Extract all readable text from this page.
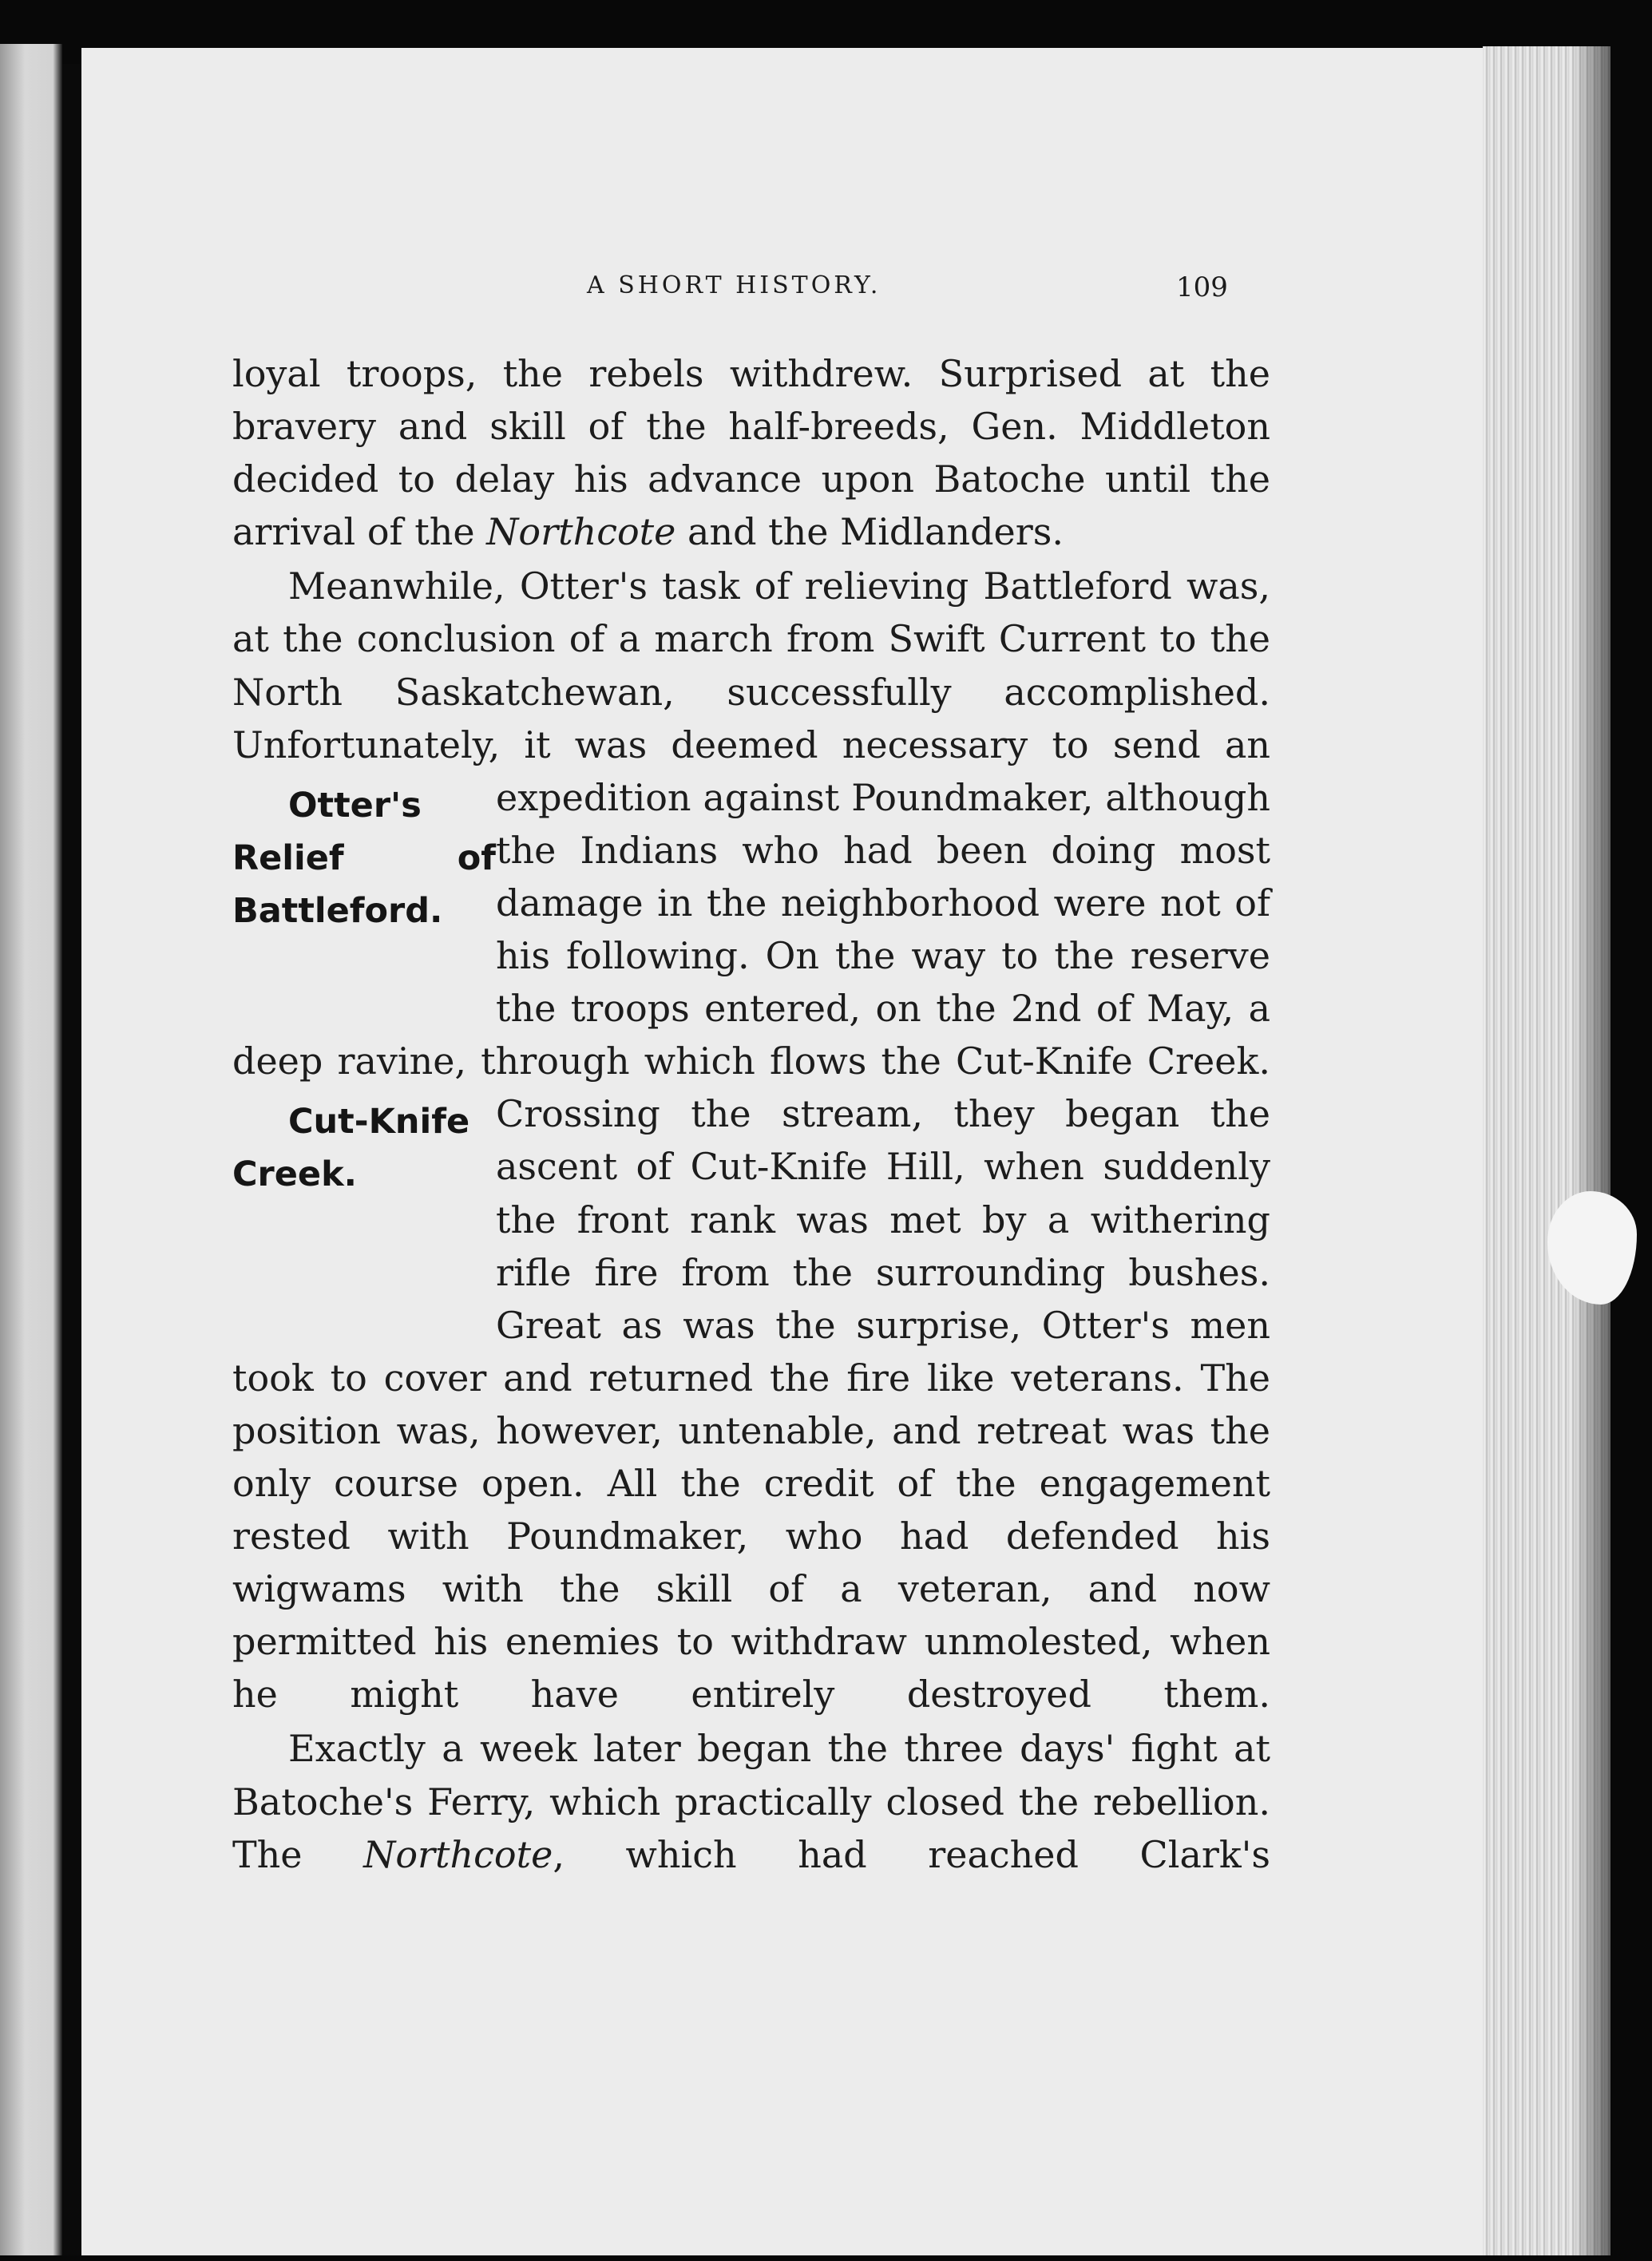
A SHORT HISTORY.	109

loyal troops, the rebels withdrew. Surprised at the bravery and skill of the half-breeds, Gen. Middleton decided to delay his advance upon Batoche until the arrival of the Northcote and the Midlanders.

Meanwhile, Otter's task of relieving Battleford was, at the conclusion of a march from Swift Current to the North Saskatchewan, successfully accomplished. Unfortunately, it was deemed necessary to send an
Otter's
Relief of
Battleford.
expedition against Poundmaker, although the Indians who had been doing most damage in the neighborhood were not of his following. On the way to the reserve the troops entered, on the 2nd of May, a deep ravine, through which flows the Cut-Knife Creek. Crossing the stream, they began the
Cut-Knife
Creek.	ascent of Cut-Knife Hill, when suddenly the front rank was met by a withering rifle fire from the surrounding bushes. Great as was the surprise, Otter's men took to cover and returned the fire like veterans. The position was, however, untenable, and retreat was the only course open. All the credit of the engagement rested with Poundmaker, who had defended his wigwams with the skill of a veteran, and now permitted his enemies to withdraw unmolested, when he might have entirely destroyed them.

Exactly a week later began the three days' fight at Batoche's Ferry, which practically closed the rebellion. The Northcote, which had reached Clark's
